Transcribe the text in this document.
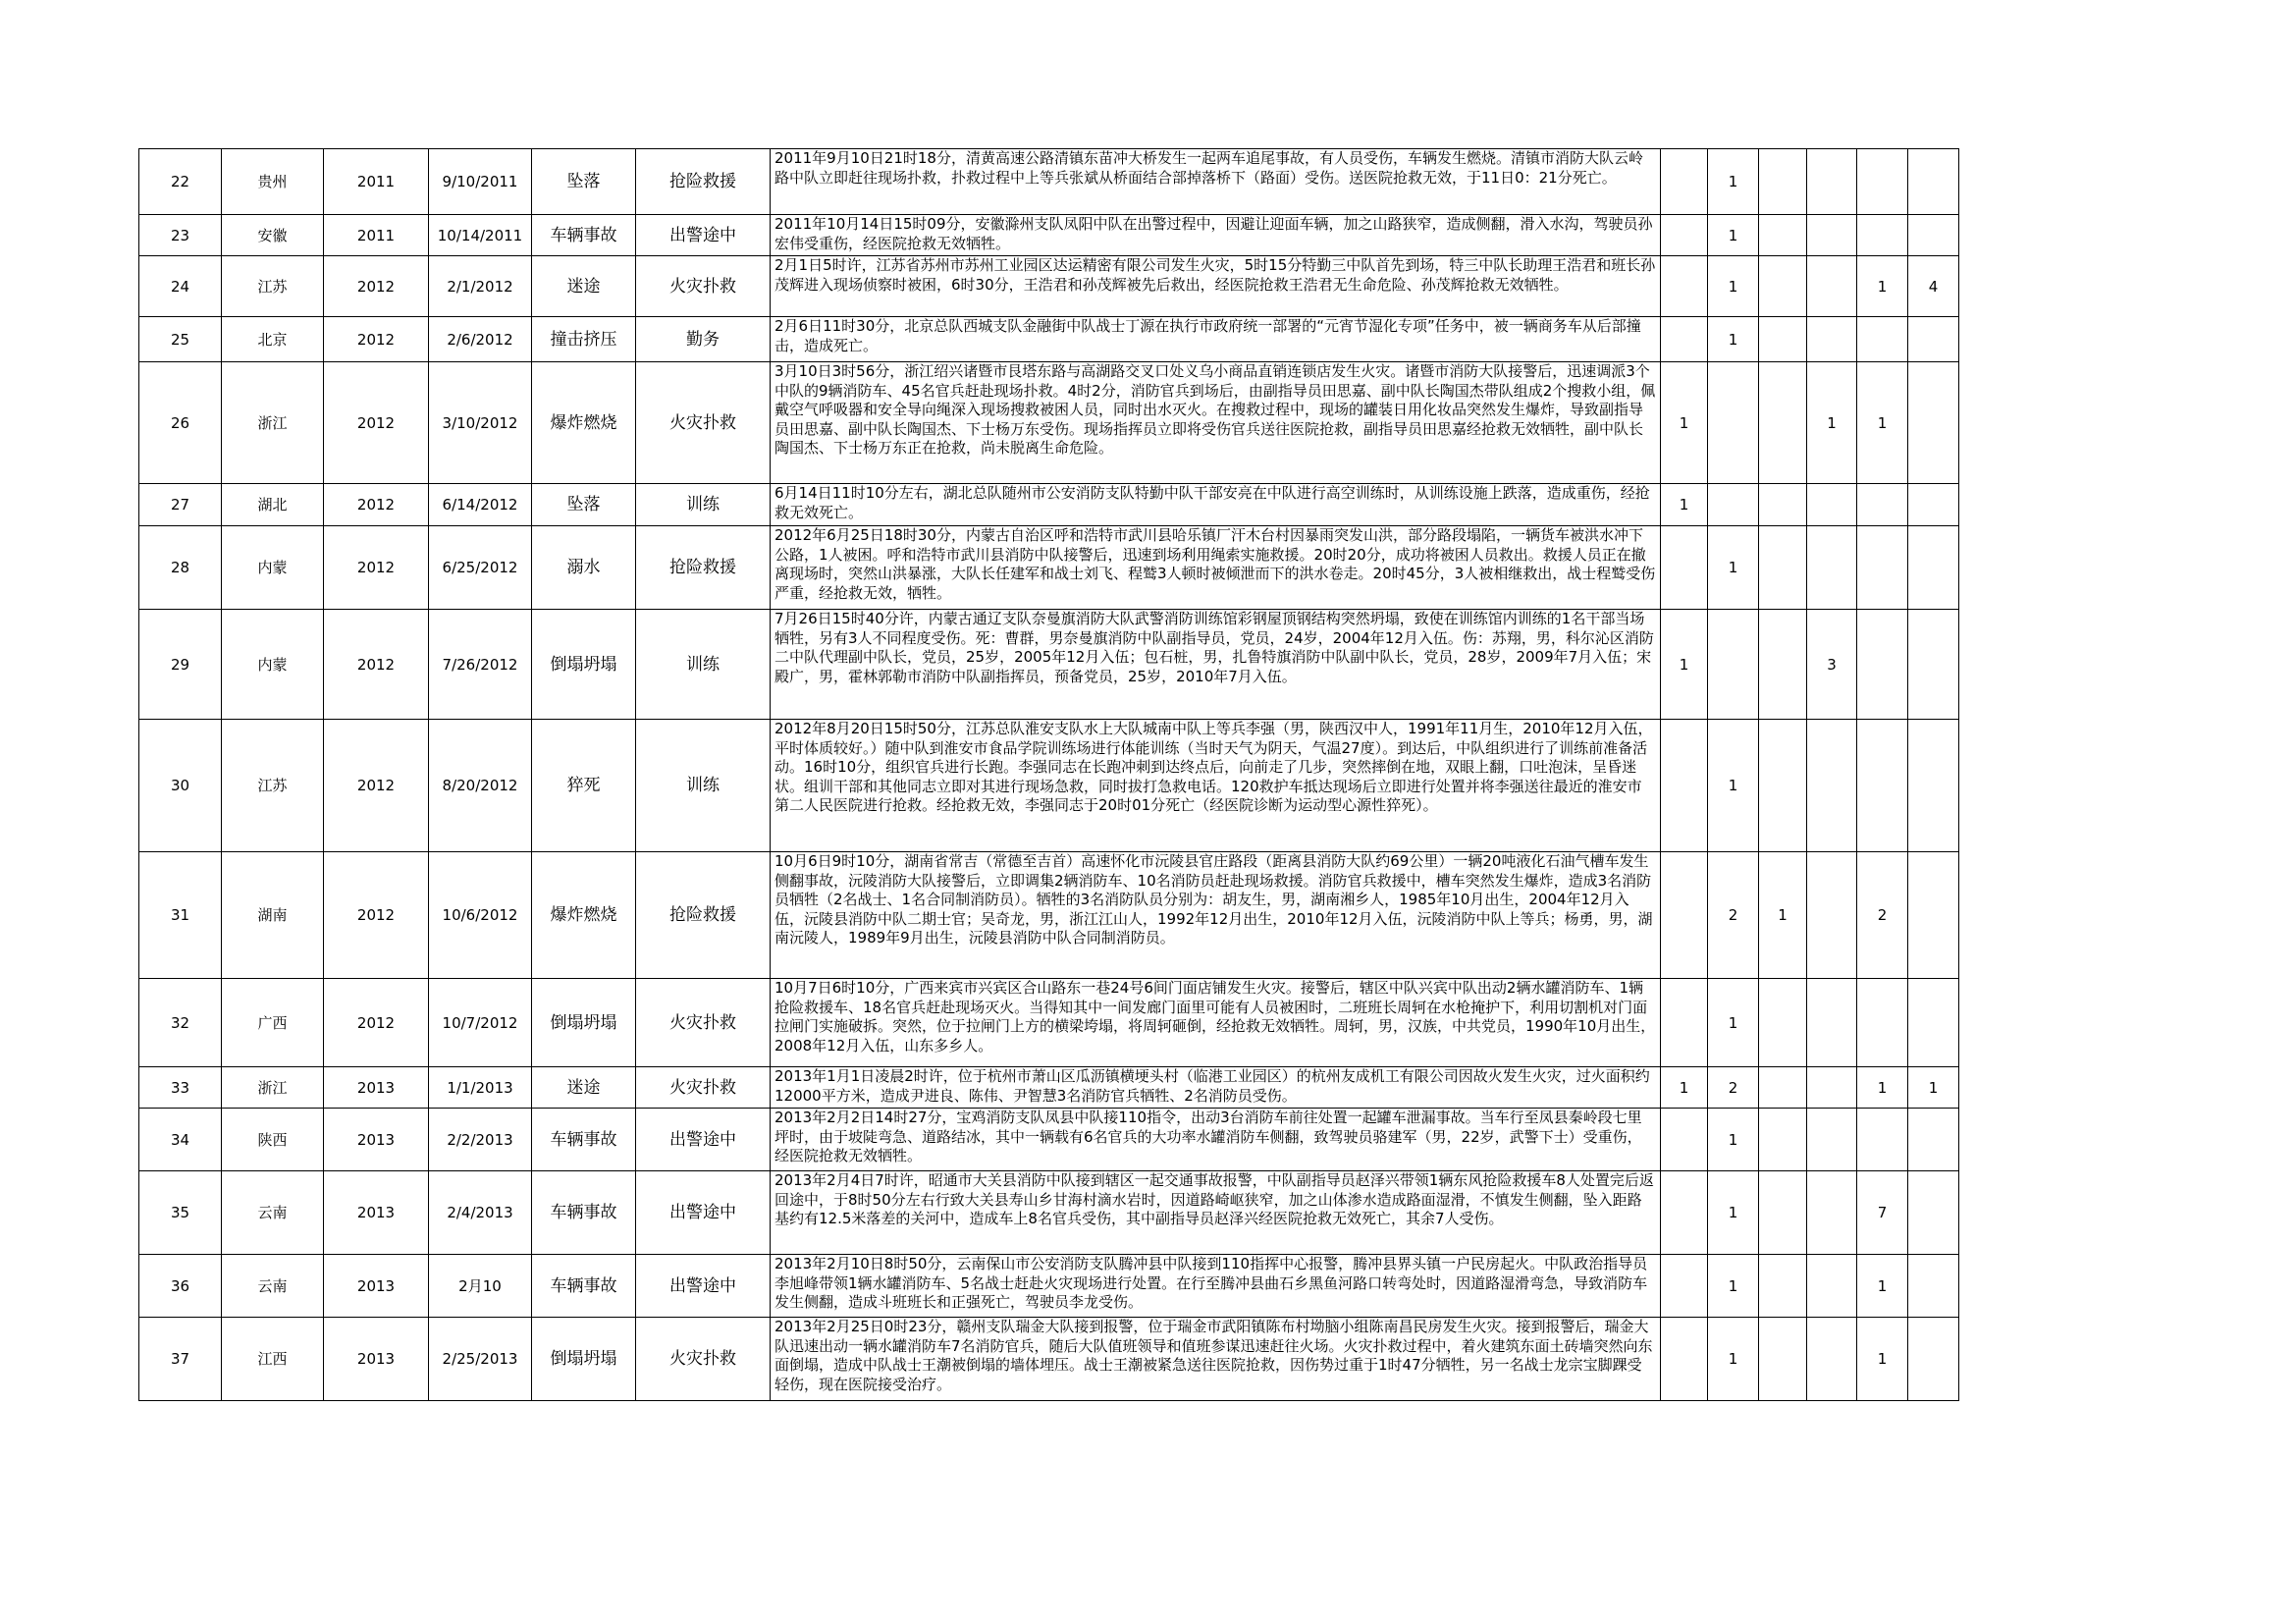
22	贵州	2011	9/10/2011	坠落	抢险救援	2011年9月10日21时18分，清黄高速公路清镇东苗冲大桥发生一起两车追尾事故，有人员受伤，车辆发生燃烧。清镇市消防大队云岭路中队立即赶往现场扑救，扑救过程中上等兵张斌从桥面结合部掉落桥下（路面）受伤。送医院抢救无效，于11日0：21分死亡。		1				
23	安徽	2011	10/14/2011	车辆事故	出警途中	2011年10月14日15时09分，安徽滁州支队凤阳中队在出警过程中，因避让迎面车辆，加之山路狭窄，造成侧翻，滑入水沟，驾驶员孙宏伟受重伤，经医院抢救无效牺牲。		1				
24	江苏	2012	2/1/2012	迷途	火灾扑救	2月1日5时许，江苏省苏州市苏州工业园区达运精密有限公司发生火灾，5时15分特勤三中队首先到场，特三中队长助理王浩君和班长孙茂辉进入现场侦察时被困，6时30分，王浩君和孙茂辉被先后救出，经医院抢救王浩君无生命危险、孙茂辉抢救无效牺牲。		1			1	4
25	北京	2012	2/6/2012	撞击挤压	勤务	2月6日11时30分，北京总队西城支队金融街中队战士丁源在执行市政府统一部署的“元宵节湿化专项”任务中，被一辆商务车从后部撞击，造成死亡。		1				
26	浙江	2012	3/10/2012	爆炸燃烧	火灾扑救	3月10日3时56分，浙江绍兴诸暨市艮塔东路与高湖路交叉口处义乌小商品直销连锁店发生火灾。诸暨市消防大队接警后，迅速调派3个中队的9辆消防车、45名官兵赶赴现场扑救。4时2分，消防官兵到场后，由副指导员田思嘉、副中队长陶国杰带队组成2个搜救小组，佩戴空气呼吸器和安全导向绳深入现场搜救被困人员，同时出水灭火。在搜救过程中，现场的罐装日用化妆品突然发生爆炸，导致副指导员田思嘉、副中队长陶国杰、下士杨万东受伤。现场指挥员立即将受伤官兵送往医院抢救，副指导员田思嘉经抢救无效牺牲，副中队长陶国杰、下士杨万东正在抢救，尚未脱离生命危险。	1			1	1	
27	湖北	2012	6/14/2012	坠落	训练	6月14日11时10分左右，湖北总队随州市公安消防支队特勤中队干部安亮在中队进行高空训练时，从训练设施上跌落，造成重伤，经抢救无效死亡。	1					
28	内蒙	2012	6/25/2012	溺水	抢险救援	2012年6月25日18时30分，内蒙古自治区呼和浩特市武川县哈乐镇厂汗木台村因暴雨突发山洪，部分路段塌陷，一辆货车被洪水冲下公路，1人被困。呼和浩特市武川县消防中队接警后，迅速到场利用绳索实施救援。20时20分，成功将被困人员救出。救援人员正在撤离现场时，突然山洪暴涨，大队长任建军和战士刘飞、程鹫3人顿时被倾泄而下的洪水卷走。20时45分，3人被相继救出，战士程鹫受伤严重，经抢救无效，牺牲。		1				
29	内蒙	2012	7/26/2012	倒塌坍塌	训练	7月26日15时40分许，内蒙古通辽支队奈曼旗消防大队武警消防训练馆彩钢屋顶钢结构突然坍塌，致使在训练馆内训练的1名干部当场牺牲，另有3人不同程度受伤。死：曹群，男奈曼旗消防中队副指导员，党员，24岁，2004年12月入伍。伤：苏翔，男，科尔沁区消防二中队代理副中队长，党员，25岁，2005年12月入伍；包石桩，男，扎鲁特旗消防中队副中队长，党员，28岁，2009年7月入伍；宋殿广，男，霍林郭勒市消防中队副指挥员，预备党员，25岁，2010年7月入伍。	1			3		
30	江苏	2012	8/20/2012	猝死	训练	2012年8月20日15时50分，江苏总队淮安支队水上大队城南中队上等兵李强（男，陕西汉中人，1991年11月生，2010年12月入伍，平时体质较好。）随中队到淮安市食品学院训练场进行体能训练（当时天气为阴天，气温27度）。到达后，中队组织进行了训练前准备活动。16时10分，组织官兵进行长跑。李强同志在长跑冲刺到达终点后，向前走了几步，突然摔倒在地，双眼上翻，口吐泡沫，呈昏迷状。组训干部和其他同志立即对其进行现场急救，同时拔打急救电话。120救护车抵达现场后立即进行处置并将李强送往最近的淮安市第二人民医院进行抢救。经抢救无效，李强同志于20时01分死亡（经医院诊断为运动型心源性猝死）。		1				
31	湖南	2012	10/6/2012	爆炸燃烧	抢险救援	10月6日9时10分，湖南省常吉（常德至吉首）高速怀化市沅陵县官庄路段（距离县消防大队约69公里）一辆20吨液化石油气槽车发生侧翻事故，沅陵消防大队接警后，立即调集2辆消防车、10名消防员赶赴现场救援。消防官兵救援中，槽车突然发生爆炸，造成3名消防员牺牲（2名战士、1名合同制消防员）。牺牲的3名消防队员分别为：胡友生，男，湖南湘乡人，1985年10月出生，2004年12月入伍，沅陵县消防中队二期士官；吴奇龙，男，浙江江山人，1992年12月出生，2010年12月入伍，沅陵消防中队上等兵；杨勇，男，湖南沅陵人，1989年9月出生，沅陵县消防中队合同制消防员。		2	1		2	
32	广西	2012	10/7/2012	倒塌坍塌	火灾扑救	10月7日6时10分，广西来宾市兴宾区合山路东一巷24号6间门面店铺发生火灾。接警后，辖区中队兴宾中队出动2辆水罐消防车、1辆抢险救援车、18名官兵赶赴现场灭火。当得知其中一间发廊门面里可能有人员被困时，二班班长周轲在水枪掩护下，利用切割机对门面拉闸门实施破拆。突然，位于拉闸门上方的横梁垮塌，将周轲砸倒，经抢救无效牺牲。周轲，男，汉族，中共党员，1990年10月出生，2008年12月入伍，山东多乡人。		1				
33	浙江	2013	1/1/2013	迷途	火灾扑救	2013年1月1日凌晨2时许，位于杭州市萧山区瓜沥镇横埂头村（临港工业园区）的杭州友成机工有限公司因故火发生火灾，过火面积约12000平方米，造成尹进良、陈伟、尹智慧3名消防官兵牺牲、2名消防员受伤。	1	2			1	1
34	陕西	2013	2/2/2013	车辆事故	出警途中	2013年2月2日14时27分，宝鸡消防支队凤县中队接110指令，出动3台消防车前往处置一起罐车泄漏事故。当车行至凤县秦岭段七里坪时，由于坡陡弯急、道路结冰，其中一辆载有6名官兵的大功率水罐消防车侧翻，致驾驶员骆建军（男，22岁，武警下士）受重伤，经医院抢救无效牺牲。		1				
35	云南	2013	2/4/2013	车辆事故	出警途中	2013年2月4日7时许，昭通市大关县消防中队接到辖区一起交通事故报警，中队副指导员赵泽兴带领1辆东风抢险救援车8人处置完后返回途中，于8时50分左右行致大关县寿山乡甘海村滴水岩时，因道路崎岖狭窄，加之山体渗水造成路面湿滑，不慎发生侧翻，坠入距路基约有12.5米落差的关河中，造成车上8名官兵受伤，其中副指导员赵泽兴经医院抢救无效死亡，其余7人受伤。		1			7	
36	云南	2013	2月10	车辆事故	出警途中	2013年2月10日8时50分，云南保山市公安消防支队腾冲县中队接到110指挥中心报警，腾冲县界头镇一户民房起火。中队政治指导员李旭峰带领1辆水罐消防车、5名战士赶赴火灾现场进行处置。在行至腾冲县曲石乡黑鱼河路口转弯处时，因道路湿滑弯急，导致消防车发生侧翻，造成斗班班长和正强死亡，驾驶员李龙受伤。		1			1	
37	江西	2013	2/25/2013	倒塌坍塌	火灾扑救	2013年2月25日0时23分，赣州支队瑞金大队接到报警，位于瑞金市武阳镇陈布村坳脑小组陈南昌民房发生火灾。接到报警后，瑞金大队迅速出动一辆水罐消防车7名消防官兵，随后大队值班领导和值班参谋迅速赶往火场。火灾扑救过程中，着火建筑东面土砖墙突然向东面倒塌，造成中队战士王潮被倒塌的墙体埋压。战士王潮被紧急送往医院抢救，因伤势过重于1时47分牺牲，另一名战士龙宗宝脚踝受轻伤，现在医院接受治疗。		1			1	
